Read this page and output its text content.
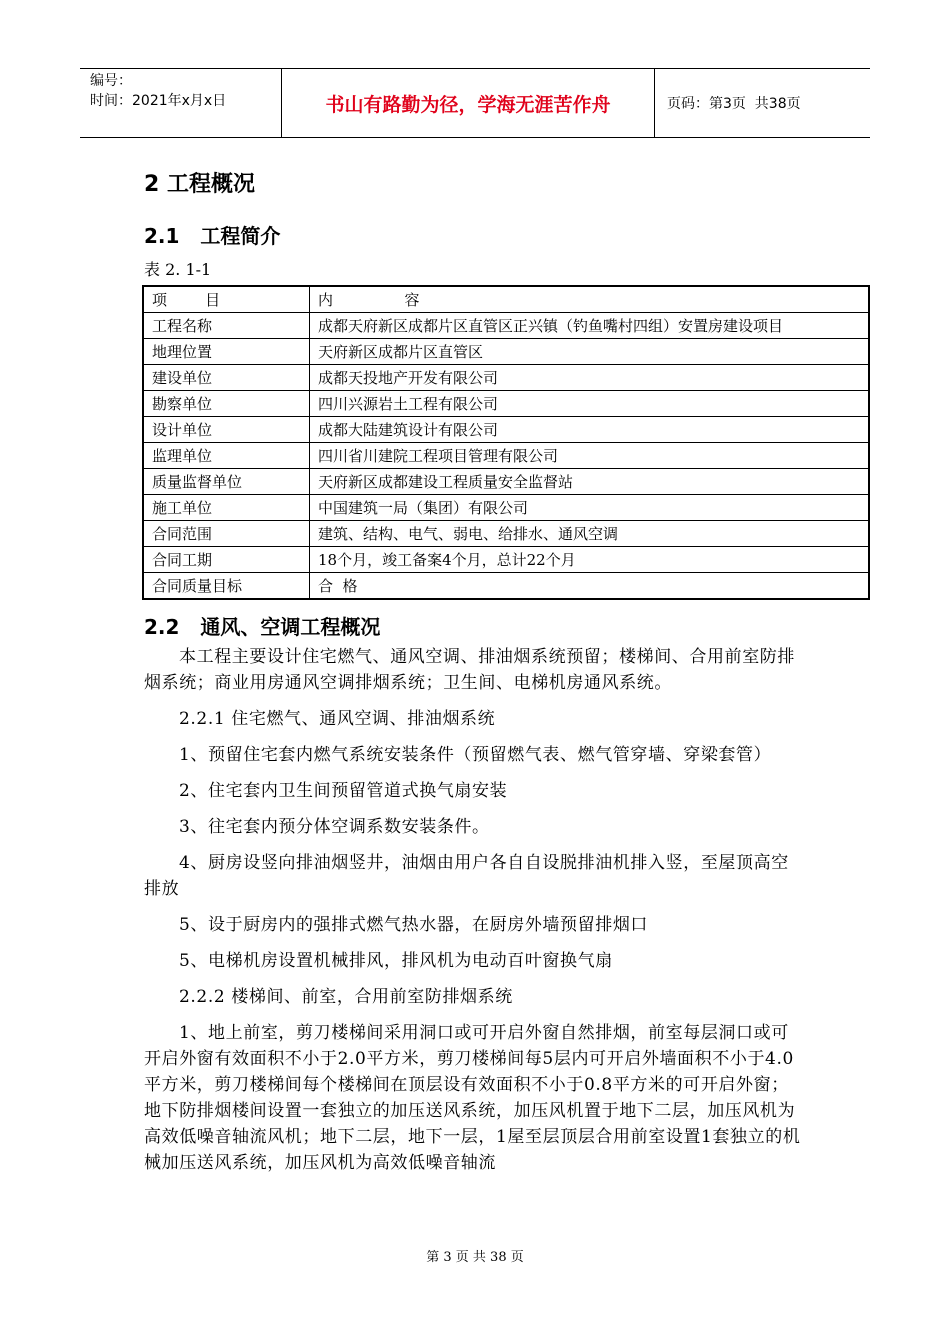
编号：
时间：2021年x月x日	书山有路勤为径，学海无涯苦作舟	页码：第3页  共38页
2 工程概况
2.1   工程简介
表 2. 1-1
项        目	内               容
工程名称	成都天府新区成都片区直管区正兴镇（钓鱼嘴村四组）安置房建设项目
地理位置	天府新区成都片区直管区
建设单位	成都天投地产开发有限公司
勘察单位	四川兴源岩土工程有限公司
设计单位	成都大陆建筑设计有限公司
监理单位	四川省川建院工程项目管理有限公司
质量监督单位	天府新区成都建设工程质量安全监督站
施工单位	中国建筑一局（集团）有限公司
合同范围	建筑、结构、电气、弱电、给排水、通风空调
合同工期	18个月，竣工备案4个月，总计22个月
合同质量目标	合  格
2.2   通风、空调工程概况

本工程主要设计住宅燃气、通风空调、排油烟系统预留；楼梯间、合用前室防排烟系统；商业用房通风空调排烟系统；卫生间、电梯机房通风系统。

2.2.1 住宅燃气、通风空调、排油烟系统

1、预留住宅套内燃气系统安装条件（预留燃气表、燃气管穿墙、穿梁套管）

2、住宅套内卫生间预留管道式换气扇安装

3、往宅套内预分体空调系数安装条件。

4、厨房设竖向排油烟竖井，油烟由用户各自自设脱排油机排入竖，至屋顶高空排放

5、设于厨房内的强排式燃气热水器，在厨房外墙预留排烟口

5、电梯机房设置机械排风，排风机为电动百叶窗换气扇

2.2.2 楼梯间、前室，合用前室防排烟系统

1、地上前室，剪刀楼梯间采用洞口或可开启外窗自然排烟，前室每层洞口或可开启外窗有效面积不小于2.0平方米，剪刀楼梯间每5层内可开启外墙面积不小于4.0平方米，剪刀楼梯间每个楼梯间在顶层设有效面积不小于0.8平方米的可开启外窗；地下防排烟楼间设置一套独立的加压送风系统，加压风机置于地下二层，加压风机为高效低噪音轴流风机；地下二层，地下一层，1屋至层顶层合用前室设置1套独立的机械加压送风系统，加压风机为高效低噪音轴流

第 3 页 共 38 页
